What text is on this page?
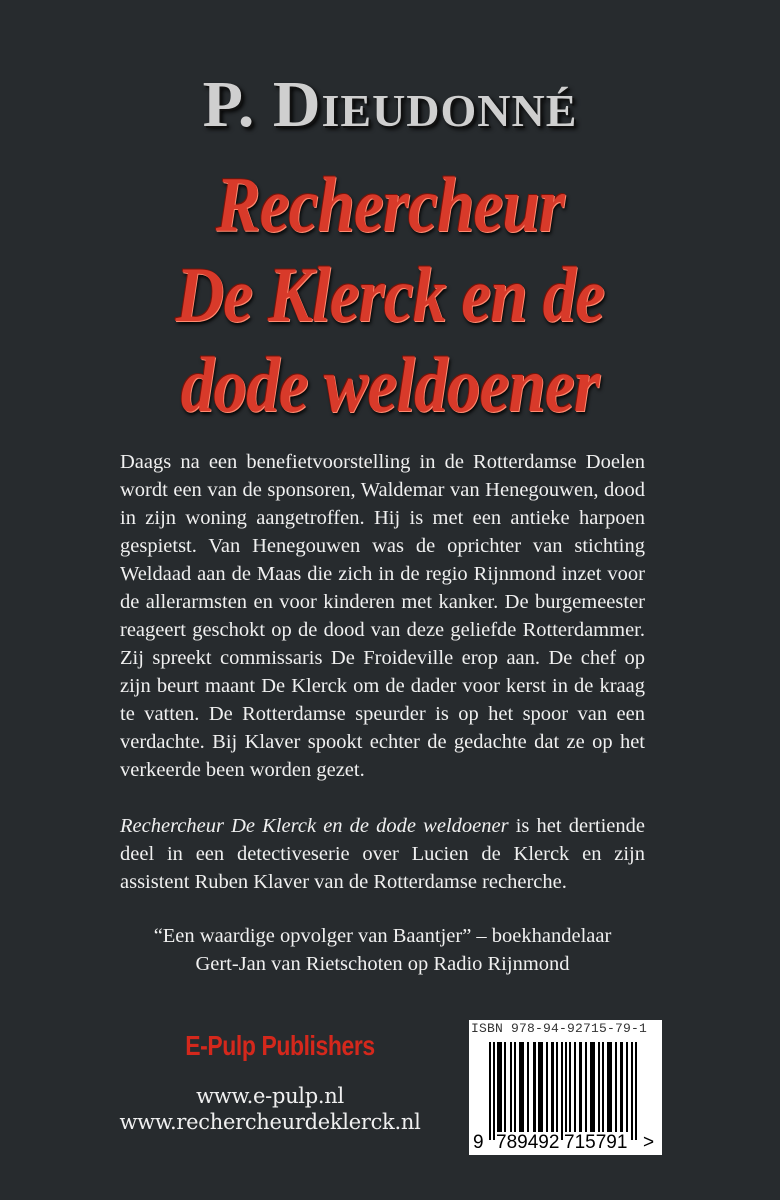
P. Dieudonné
Rechercheur
De Klerck en de
dode weldoener

Daags na een benefietvoorstelling in de Rotterdamse Doelen wordt een van de sponsoren, Waldemar van Henegouwen, dood in zijn woning aangetroffen. Hij is met een antieke harpoen gespietst. Van Henegouwen was de oprichter van stichting Weldaad aan de Maas die zich in de regio Rijnmond inzet voor de allerarmsten en voor kinderen met kanker. De burgemeester reageert geschokt op de dood van deze geliefde Rotterdammer. Zij spreekt commissaris De Froideville erop aan. De chef op zijn beurt maant De Klerck om de dader voor kerst in de kraag te vatten. De Rotterdamse speurder is op het spoor van een verdachte. Bij Klaver spookt echter de gedachte dat ze op het verkeerde been worden gezet.

Rechercheur De Klerck en de dode weldoener is het dertiende deel in een detectiveserie over Lucien de Klerck en zijn assistent Ruben Klaver van de Rotterdamse recherche.

“Een waardige opvolger van Baantjer” – boekhandelaar
Gert-Jan van Rietschoten op Radio Rijnmond

E-Pulp Publishers
www.e-pulp.nl
www.rechercheurdeklerck.nl
ISBN 978-94-92715-79-1
9 789492 715791 >
